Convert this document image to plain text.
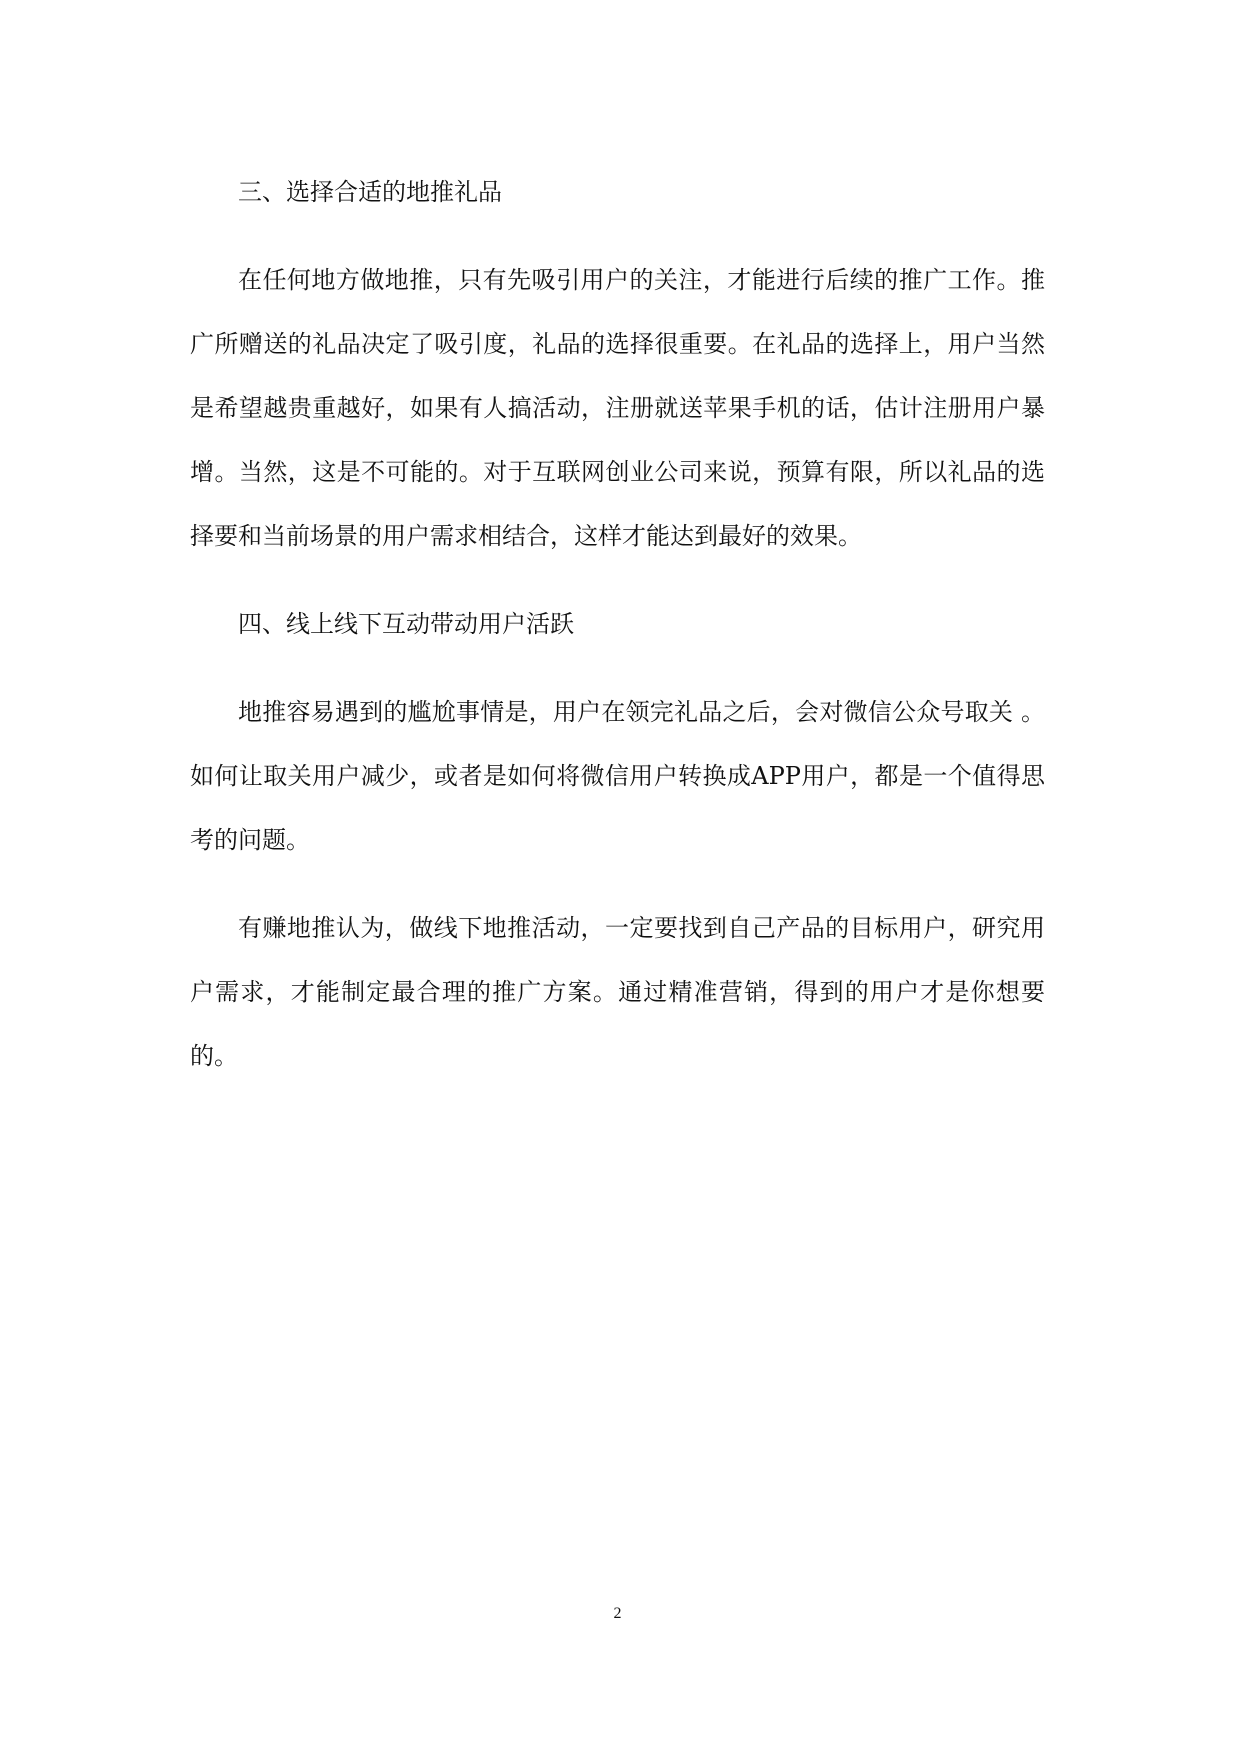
三、选择合适的地推礼品

在任何地方做地推，只有先吸引用户的关注，才能进行后续的推广工作。推广所赠送的礼品决定了吸引度，礼品的选择很重要。在礼品的选择上，用户当然是希望越贵重越好，如果有人搞活动，注册就送苹果手机的话，估计注册用户暴增。当然，这是不可能的。对于互联网创业公司来说，预算有限，所以礼品的选择要和当前场景的用户需求相结合，这样才能达到最好的效果。

四、线上线下互动带动用户活跃

地推容易遇到的尴尬事情是，用户在领完礼品之后，会对微信公众号取关 。如何让取关用户减少，或者是如何将微信用户转换成APP用户，都是一个值得思考的问题。

有赚地推认为，做线下地推活动，一定要找到自己产品的目标用户，研究用户需求，才能制定最合理的推广方案。通过精准营销，得到的用户才是你想要的。

2
